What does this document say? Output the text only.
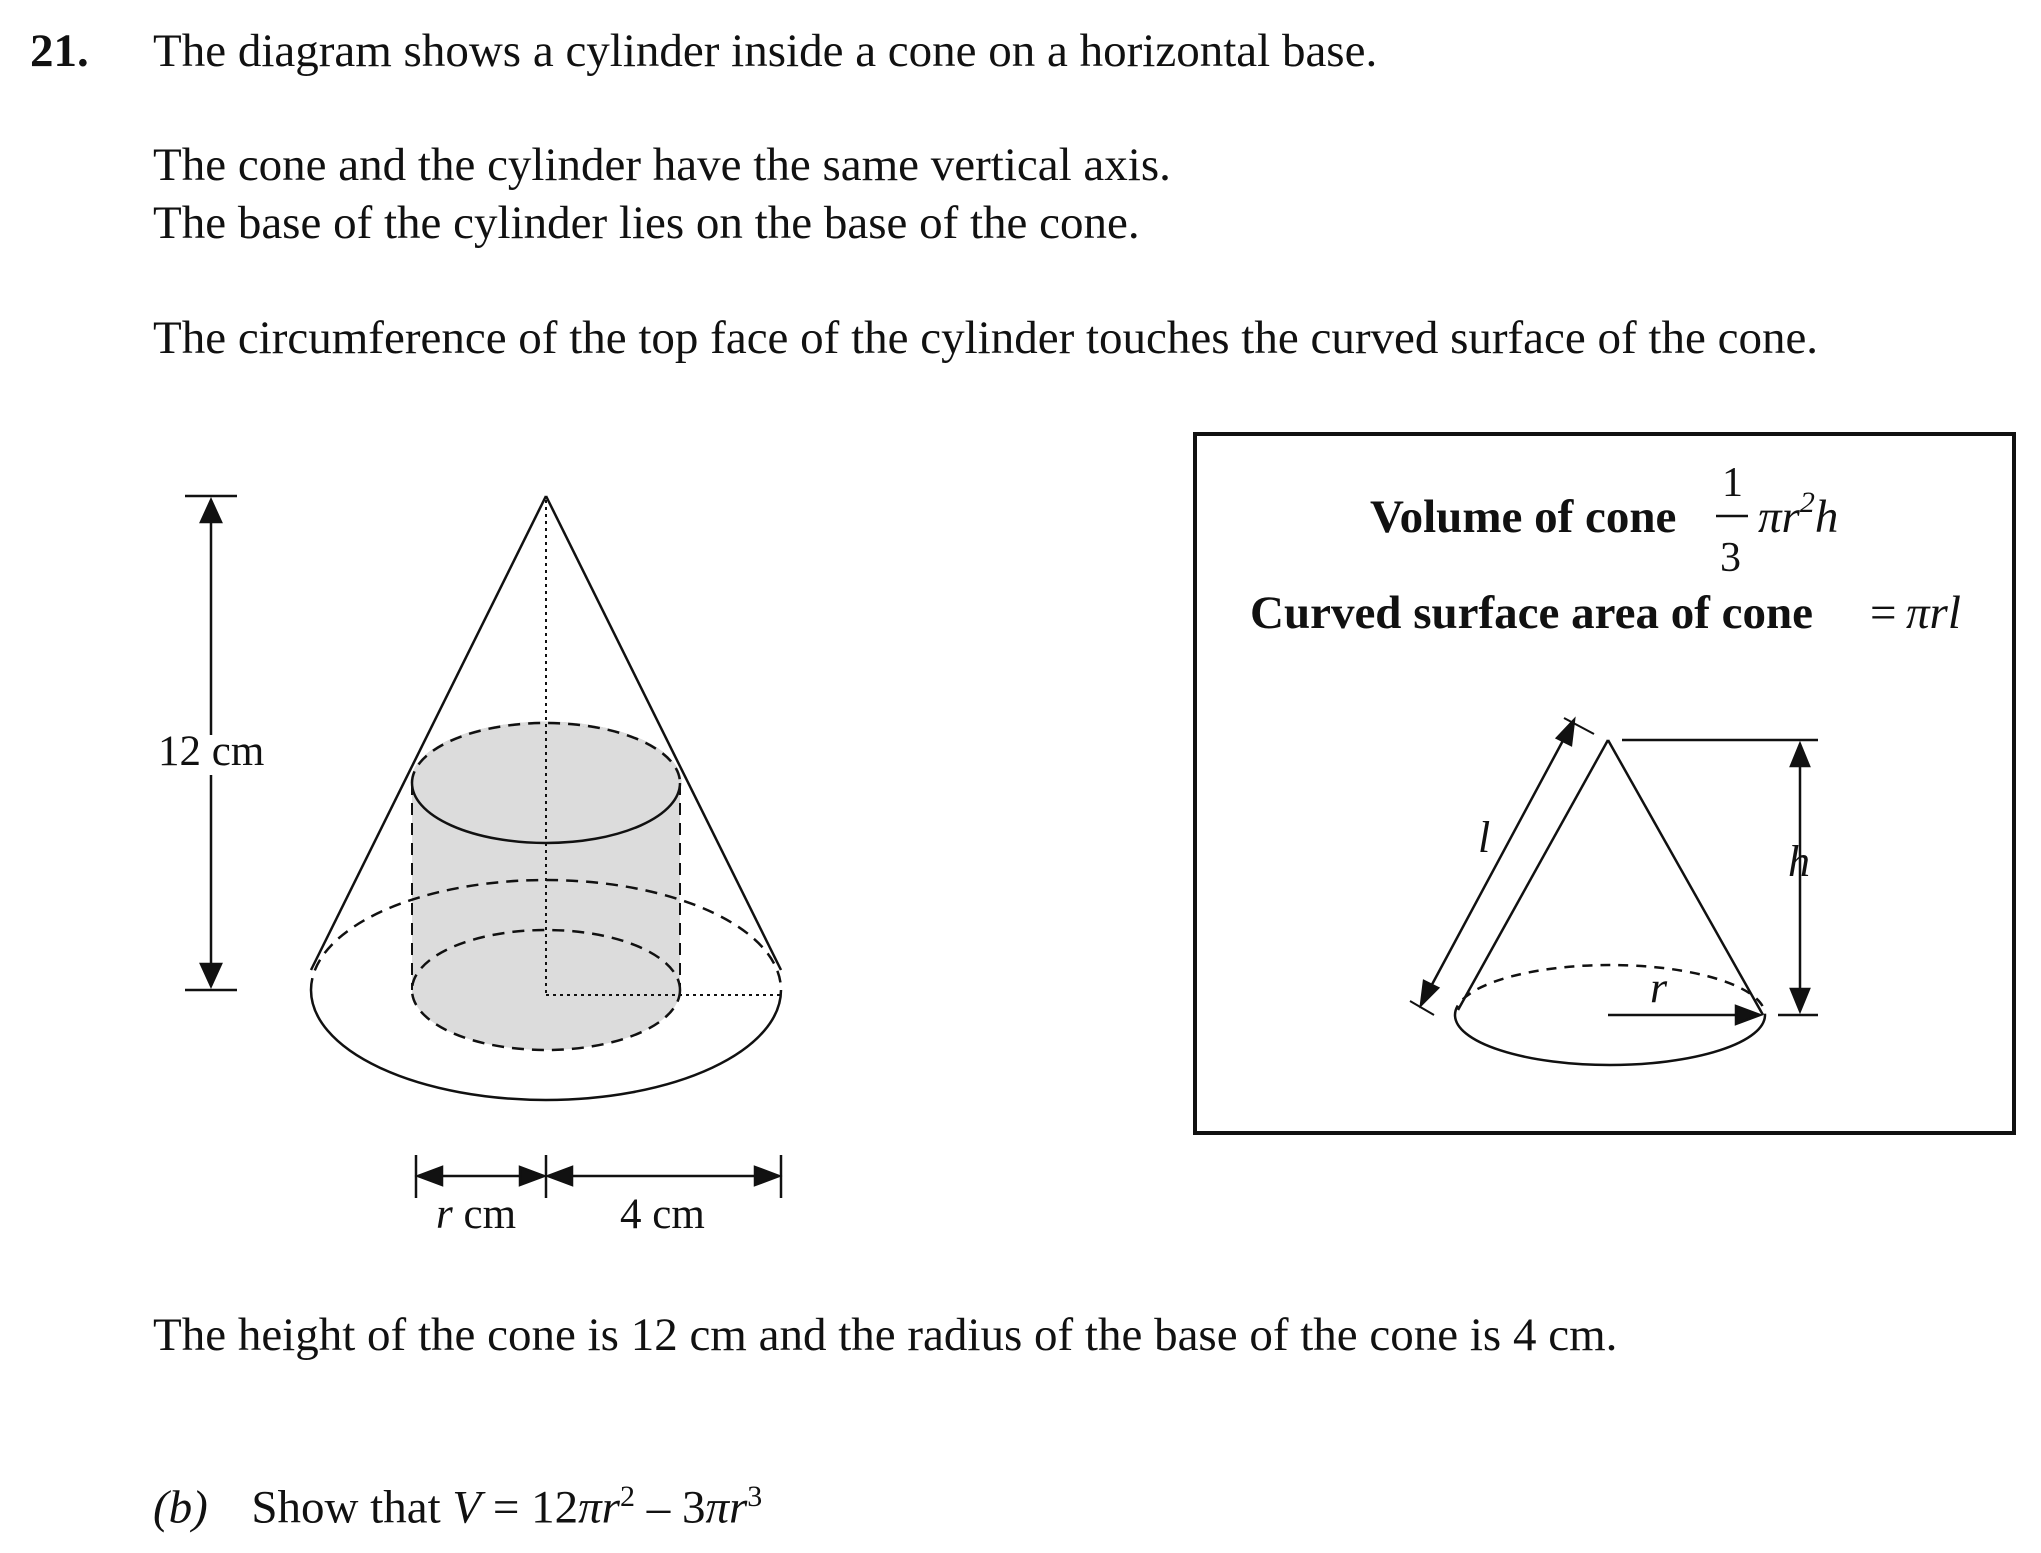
21. The diagram shows a cylinder inside a cone on a horizontal base.
The cone and the cylinder have the same vertical axis.
The base of the cylinder lies on the base of the cone.
The circumference of the top face of the cylinder touches the curved surface of the cone.
The height of the cone is 12 cm and the radius of the base of the cone is 4 cm.
(b) Show that $V = 12\pi r^2 - 3\pi r^3$
12 cm
r cm 4 cm
Volume of cone
1
3
$\pi r^2h$
Curved surface area of cone = πrl
l	h
r
